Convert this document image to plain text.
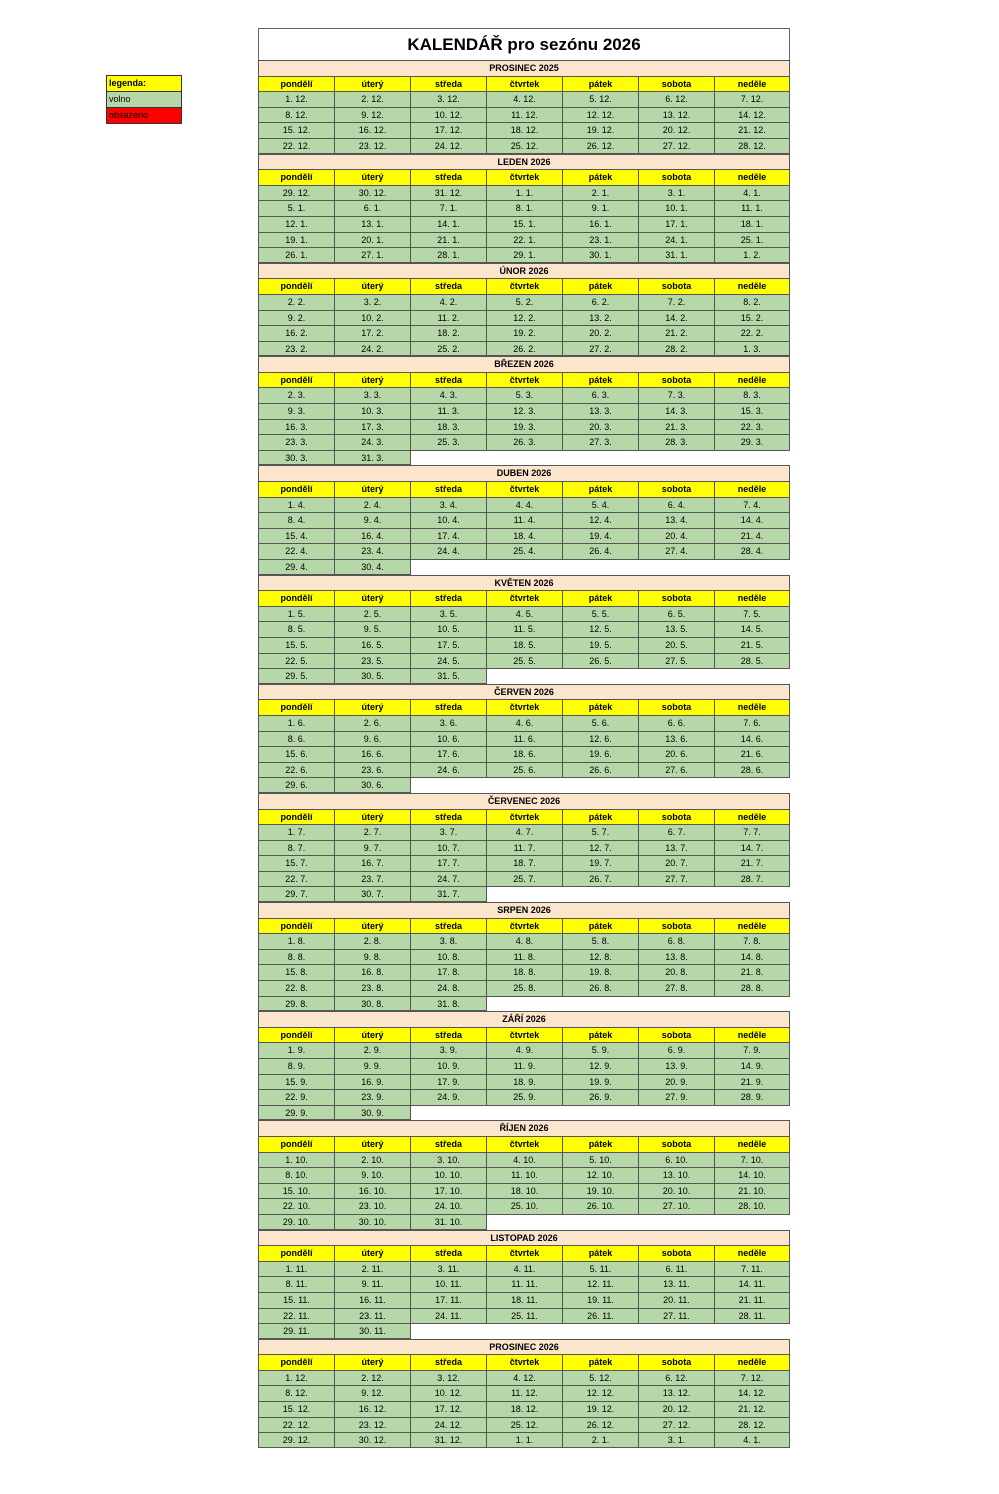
legenda:
volno
obsazeno
KALENDÁŘ pro sezónu 2026
PROSINEC 2025
pondělí	úterý	středa	čtvrtek	pátek	sobota	neděle
1. 12.	2. 12.	3. 12.	4. 12.	5. 12.	6. 12.	7. 12.
8. 12.	9. 12.	10. 12.	11. 12.	12. 12.	13. 12.	14. 12.
15. 12.	16. 12.	17. 12.	18. 12.	19. 12.	20. 12.	21. 12.
22. 12.	23. 12.	24. 12.	25. 12.	26. 12.	27. 12.	28. 12.
LEDEN 2026
pondělí	úterý	středa	čtvrtek	pátek	sobota	neděle
29. 12.	30. 12.	31. 12.	1. 1.	2. 1.	3. 1.	4. 1.
5. 1.	6. 1.	7. 1.	8. 1.	9. 1.	10. 1.	11. 1.
12. 1.	13. 1.	14. 1.	15. 1.	16. 1.	17. 1.	18. 1.
19. 1.	20. 1.	21. 1.	22. 1.	23. 1.	24. 1.	25. 1.
26. 1.	27. 1.	28. 1.	29. 1.	30. 1.	31. 1.	1. 2.
ÚNOR 2026
pondělí	úterý	středa	čtvrtek	pátek	sobota	neděle
2. 2.	3. 2.	4. 2.	5. 2.	6. 2.	7. 2.	8. 2.
9. 2.	10. 2.	11. 2.	12. 2.	13. 2.	14. 2.	15. 2.
16. 2.	17. 2.	18. 2.	19. 2.	20. 2.	21. 2.	22. 2.
23. 2.	24. 2.	25. 2.	26. 2.	27. 2.	28. 2.	1. 3.
BŘEZEN 2026
pondělí	úterý	středa	čtvrtek	pátek	sobota	neděle
2. 3.	3. 3.	4. 3.	5. 3.	6. 3.	7. 3.	8. 3.
9. 3.	10. 3.	11. 3.	12. 3.	13. 3.	14. 3.	15. 3.
16. 3.	17. 3.	18. 3.	19. 3.	20. 3.	21. 3.	22. 3.
23. 3.	24. 3.	25. 3.	26. 3.	27. 3.	28. 3.	29. 3.
30. 3.	31. 3.
DUBEN 2026
pondělí	úterý	středa	čtvrtek	pátek	sobota	neděle
1. 4.	2. 4.	3. 4.	4. 4.	5. 4.	6. 4.	7. 4.
8. 4.	9. 4.	10. 4.	11. 4.	12. 4.	13. 4.	14. 4.
15. 4.	16. 4.	17. 4.	18. 4.	19. 4.	20. 4.	21. 4.
22. 4.	23. 4.	24. 4.	25. 4.	26. 4.	27. 4.	28. 4.
29. 4.	30. 4.
KVĚTEN 2026
pondělí	úterý	středa	čtvrtek	pátek	sobota	neděle
1. 5.	2. 5.	3. 5.	4. 5.	5. 5.	6. 5.	7. 5.
8. 5.	9. 5.	10. 5.	11. 5.	12. 5.	13. 5.	14. 5.
15. 5.	16. 5.	17. 5.	18. 5.	19. 5.	20. 5.	21. 5.
22. 5.	23. 5.	24. 5.	25. 5.	26. 5.	27. 5.	28. 5.
29. 5.	30. 5.	31. 5.
ČERVEN 2026
pondělí	úterý	středa	čtvrtek	pátek	sobota	neděle
1. 6.	2. 6.	3. 6.	4. 6.	5. 6.	6. 6.	7. 6.
8. 6.	9. 6.	10. 6.	11. 6.	12. 6.	13. 6.	14. 6.
15. 6.	16. 6.	17. 6.	18. 6.	19. 6.	20. 6.	21. 6.
22. 6.	23. 6.	24. 6.	25. 6.	26. 6.	27. 6.	28. 6.
29. 6.	30. 6.
ČERVENEC 2026
pondělí	úterý	středa	čtvrtek	pátek	sobota	neděle
1. 7.	2. 7.	3. 7.	4. 7.	5. 7.	6. 7.	7. 7.
8. 7.	9. 7.	10. 7.	11. 7.	12. 7.	13. 7.	14. 7.
15. 7.	16. 7.	17. 7.	18. 7.	19. 7.	20. 7.	21. 7.
22. 7.	23. 7.	24. 7.	25. 7.	26. 7.	27. 7.	28. 7.
29. 7.	30. 7.	31. 7.
SRPEN 2026
pondělí	úterý	středa	čtvrtek	pátek	sobota	neděle
1. 8.	2. 8.	3. 8.	4. 8.	5. 8.	6. 8.	7. 8.
8. 8.	9. 8.	10. 8.	11. 8.	12. 8.	13. 8.	14. 8.
15. 8.	16. 8.	17. 8.	18. 8.	19. 8.	20. 8.	21. 8.
22. 8.	23. 8.	24. 8.	25. 8.	26. 8.	27. 8.	28. 8.
29. 8.	30. 8.	31. 8.
ZÁŘÍ 2026
pondělí	úterý	středa	čtvrtek	pátek	sobota	neděle
1. 9.	2. 9.	3. 9.	4. 9.	5. 9.	6. 9.	7. 9.
8. 9.	9. 9.	10. 9.	11. 9.	12. 9.	13. 9.	14. 9.
15. 9.	16. 9.	17. 9.	18. 9.	19. 9.	20. 9.	21. 9.
22. 9.	23. 9.	24. 9.	25. 9.	26. 9.	27. 9.	28. 9.
29. 9.	30. 9.
ŘÍJEN 2026
pondělí	úterý	středa	čtvrtek	pátek	sobota	neděle
1. 10.	2. 10.	3. 10.	4. 10.	5. 10.	6. 10.	7. 10.
8. 10.	9. 10.	10. 10.	11. 10.	12. 10.	13. 10.	14. 10.
15. 10.	16. 10.	17. 10.	18. 10.	19. 10.	20. 10.	21. 10.
22. 10.	23. 10.	24. 10.	25. 10.	26. 10.	27. 10.	28. 10.
29. 10.	30. 10.	31. 10.
LISTOPAD 2026
pondělí	úterý	středa	čtvrtek	pátek	sobota	neděle
1. 11.	2. 11.	3. 11.	4. 11.	5. 11.	6. 11.	7. 11.
8. 11.	9. 11.	10. 11.	11. 11.	12. 11.	13. 11.	14. 11.
15. 11.	16. 11.	17. 11.	18. 11.	19. 11.	20. 11.	21. 11.
22. 11.	23. 11.	24. 11.	25. 11.	26. 11.	27. 11.	28. 11.
29. 11.	30. 11.
PROSINEC 2026
pondělí	úterý	středa	čtvrtek	pátek	sobota	neděle
1. 12.	2. 12.	3. 12.	4. 12.	5. 12.	6. 12.	7. 12.
8. 12.	9. 12.	10. 12.	11. 12.	12. 12.	13. 12.	14. 12.
15. 12.	16. 12.	17. 12.	18. 12.	19. 12.	20. 12.	21. 12.
22. 12.	23. 12.	24. 12.	25. 12.	26. 12.	27. 12.	28. 12.
29. 12.	30. 12.	31. 12.	1. 1.	2. 1.	3. 1.	4. 1.
